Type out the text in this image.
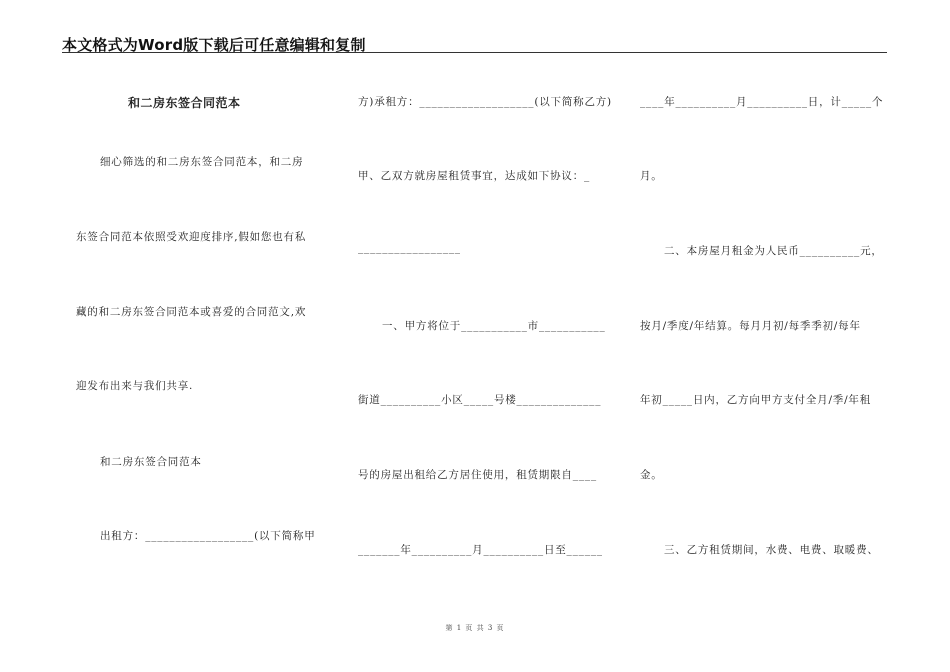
本文格式为Word版下载后可任意编辑和复制
和二房东签合同范本
细心筛选的和二房东签合同范本，和二房
东签合同范本依照受欢迎度排序,假如您也有私
藏的和二房东签合同范本或喜爱的合同范文,欢
迎发布出来与我们共享.
和二房东签合同范本
出租方：__________________(以下简称甲
方)承租方：___________________(以下简称乙方)
甲、乙双方就房屋租赁事宜，达成如下协议：_
_________________
一、甲方将位于___________市___________
街道__________小区_____号楼______________
号的房屋出租给乙方居住使用，租赁期限自____
_______年__________月__________日至______
____年__________月__________日，计_____个
月。
二、本房屋月租金为人民币__________元，
按月/季度/年结算。每月月初/每季季初/每年
年初_____日内，乙方向甲方支付全月/季/年租
金。
三、乙方租赁期间，水费、电费、取暖费、
第 1 页 共 3 页
